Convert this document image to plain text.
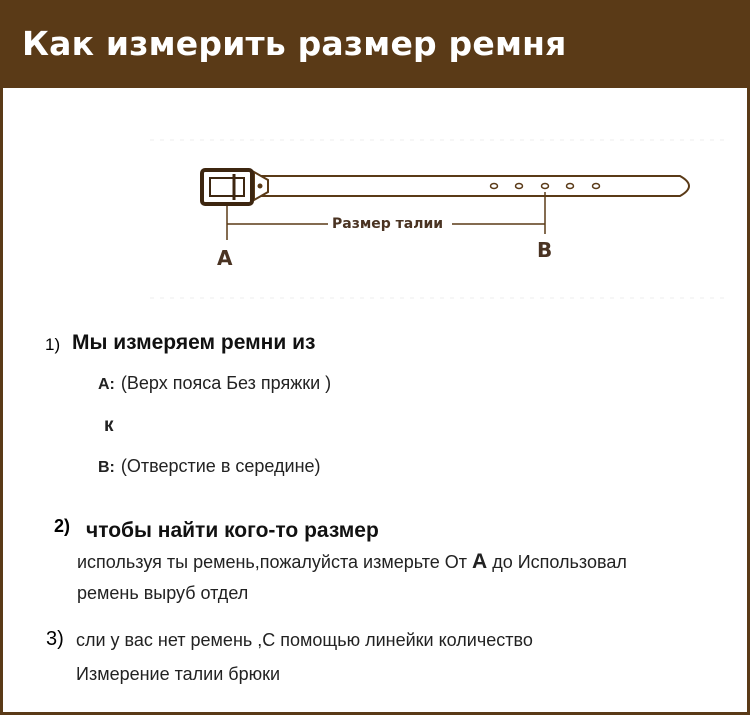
Как измерить размер ремня
Размер талии
A	B
1) Мы измеряем ремни из
A: (Верх пояса Без пряжки )
к
B: (Отверстие в середине)
2) чтобы найти кого-то размер
используя ты ремень,пожалуйста измерьте От А до Использовал
ремень выруб отдел
3) сли у вас нет ремень ,С помощью линейки количество
Измерение талии брюки
